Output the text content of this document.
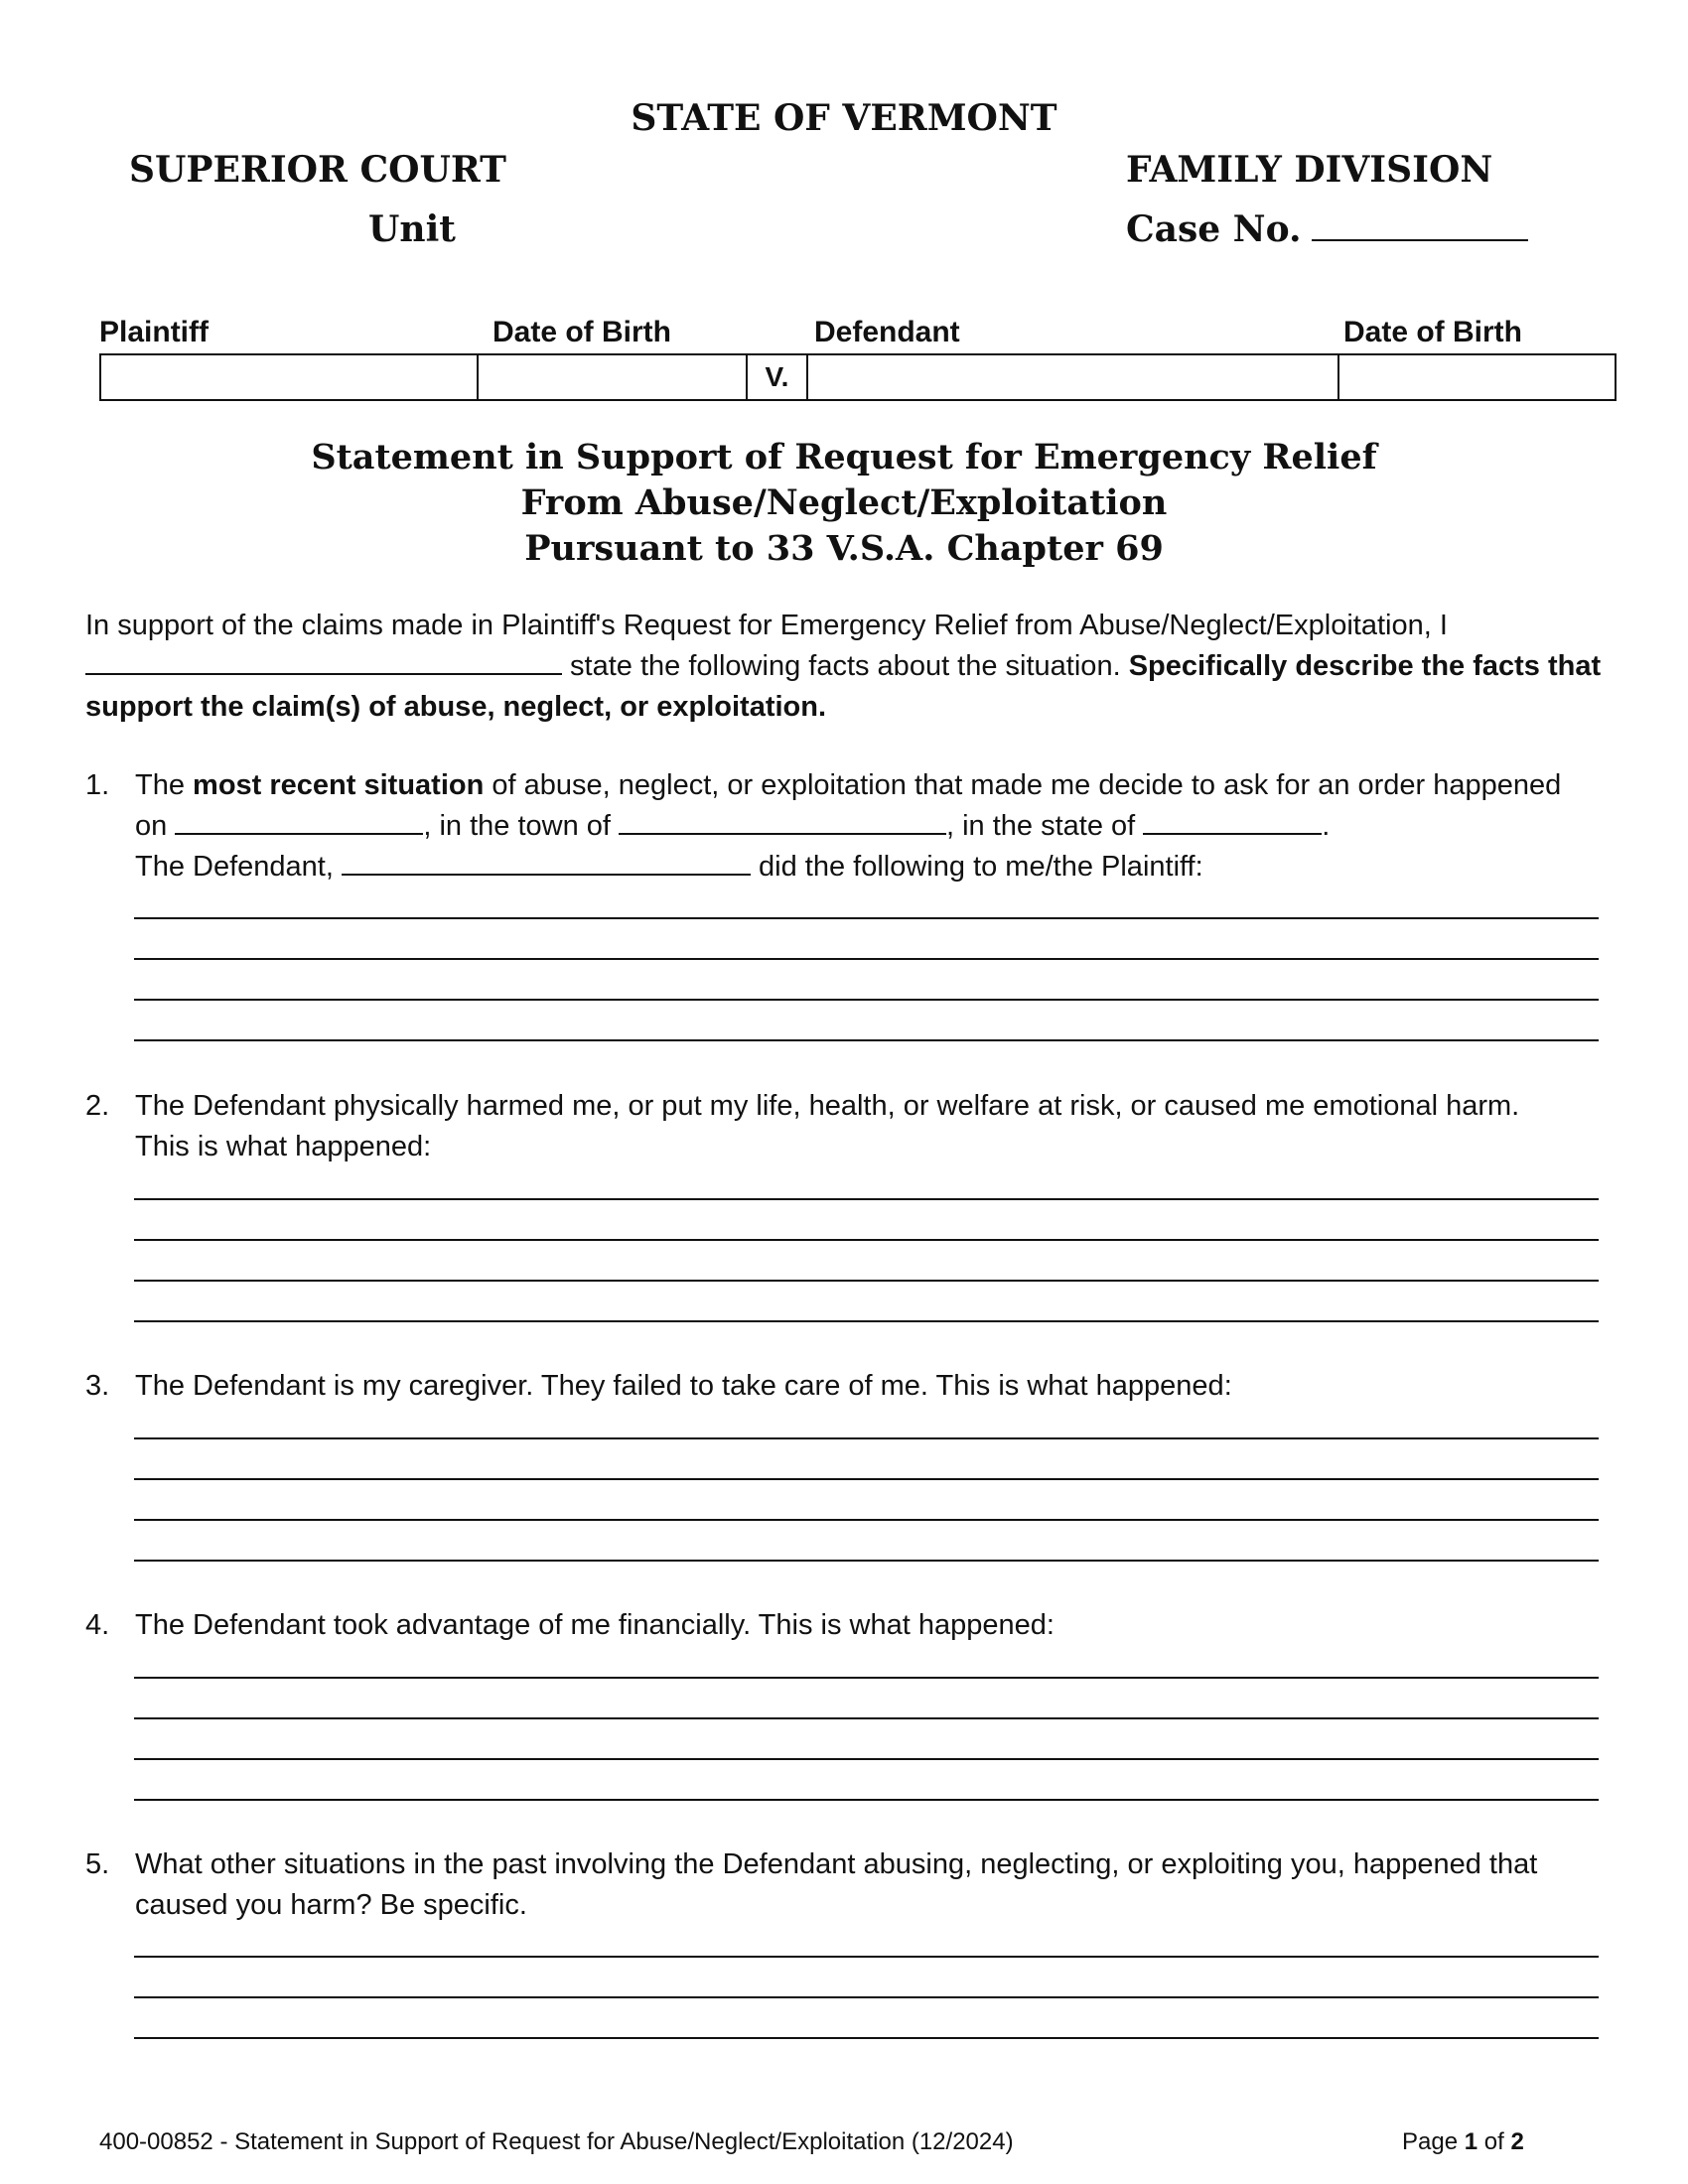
STATE OF VERMONT
SUPERIOR COURT
Unit
FAMILY DIVISION
Case No.
Plaintiff	Date of Birth	Defendant	Date of Birth
V.
Statement in Support of Request for Emergency Relief
From Abuse/Neglect/Exploitation
Pursuant to 33 V.S.A. Chapter 69
In support of the claims made in Plaintiff's Request for Emergency Relief from Abuse/Neglect/Exploitation, I
state the following facts about the situation. Specifically describe the facts that support the claim(s) of abuse, neglect, or exploitation.
1. The most recent situation of abuse, neglect, or exploitation that made me decide to ask for an order happened
on	, in the town of	, in the state of	.
The Defendant,	did the following to me/the Plaintiff:
2. The Defendant physically harmed me, or put my life, health, or welfare at risk, or caused me emotional harm.
This is what happened:
3. The Defendant is my caregiver. They failed to take care of me. This is what happened:
4. The Defendant took advantage of me financially. This is what happened:
5. What other situations in the past involving the Defendant abusing, neglecting, or exploiting you, happened that
caused you harm? Be specific.
400-00852 - Statement in Support of Request for Abuse/Neglect/Exploitation (12/2024)	Page 1 of 2
